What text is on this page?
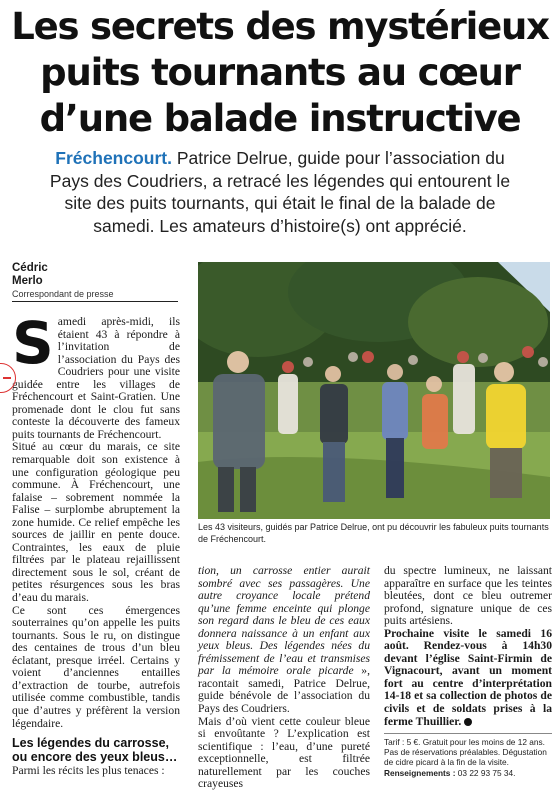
Les secrets des mystérieux
puits tournants au cœur
d’une balade instructive
Fréchencourt. Patrice Delrue, guide pour l’association du Pays des Coudriers, a retracé les légendes qui entourent le site des puits tournants, qui était le final de la balade de samedi. Les amateurs d’histoire(s) ont apprécié.
Cédric
Merlo
Correspondant de presse
Les 43 visiteurs, guidés par Patrice Delrue, ont pu découvrir les fabuleux puits tournants de Fréchencourt.
S amedi après-midi, ils étaient 43 à répondre à l’invitation de l’association du Pays des Coudriers pour une visite guidée entre les villages de Fréchencourt et Saint-Gratien. Une promenade dont le clou fut sans conteste la découverte des fameux puits tournants de Fréchencourt.

Situé au cœur du marais, ce site remarquable doit son existence à une configuration géologique peu commune. À Fréchencourt, une falaise – sobrement nommée la Falise – surplombe abruptement la zone humide. Ce relief empêche les sources de jaillir en pente douce. Contraintes, les eaux de pluie filtrées par le plateau rejaillissent directement sous le sol, créant de petites résurgences sous les bras d’eau du marais.

Ce sont ces émergences souterraines qu’on appelle les puits tournants. Sous le ru, on distingue des centaines de trous d’un bleu éclatant, presque irréel. Certains y voient d’anciennes entailles d’extraction de tourbe, autrefois utilisée comme combustible, tandis que d’autres y préfèrent la version légendaire.

Les légendes du carrosse, ou encore des yeux bleus…

Parmi les récits les plus tenaces :

tion, un carrosse entier aurait sombré avec ses passagères. Une autre croyance locale prétend qu’une femme enceinte qui plonge son regard dans le bleu de ces eaux donnera naissance à un enfant aux yeux bleus. Des légendes nées du frémissement de l’eau et transmises par la mémoire orale picarde », racontait samedi, Patrice Delrue, guide bénévole de l’association du Pays des Coudriers.

Mais d’où vient cette couleur bleue si envoûtante ? L’explication est scientifique : l’eau, d’une pureté exceptionnelle, est filtrée naturellement par les couches crayeuses

du spectre lumineux, ne laissant apparaître en surface que les teintes bleutées, dont ce bleu outremer profond, signature unique de ces puits artésiens.

Prochaine visite le samedi 16 août. Rendez-vous à 14h30 devant l’église Saint-Firmin de Vignacourt, avant un moment fort au centre d’interprétation 14-18 et sa collection de photos de civils et de soldats prises à la ferme Thuillier.

Tarif : 5 €. Gratuit pour les moins de 12 ans. Pas de réservations préalables. Dégustation de cidre picard à la fin de la visite.
Renseignements : 03 22 93 75 34.
